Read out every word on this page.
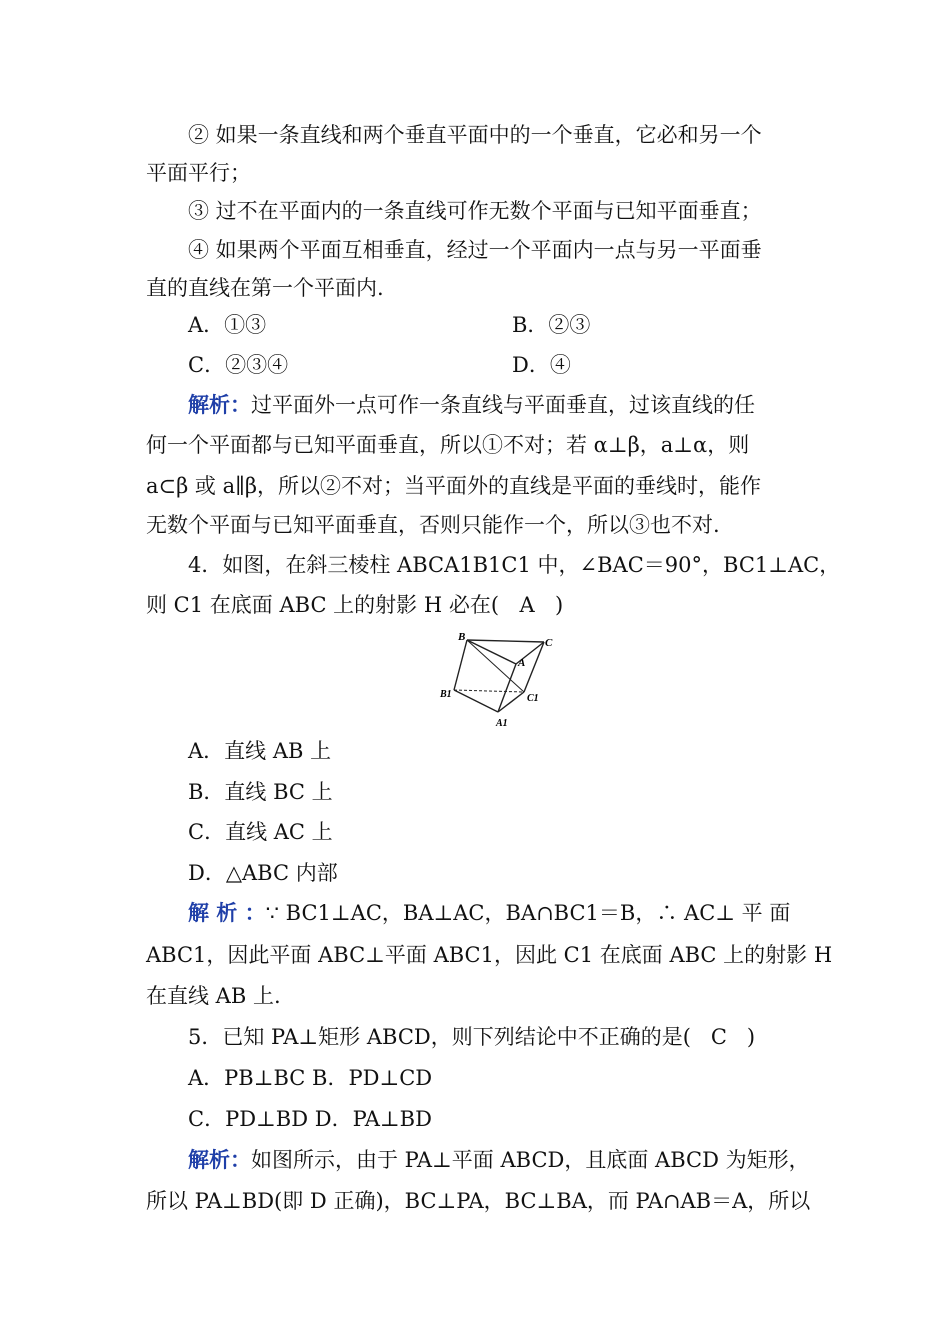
② 如果一条直线和两个垂直平面中的一个垂直，它必和另一个
平面平行；
③ 过不在平面内的一条直线可作无数个平面与已知平面垂直；
④ 如果两个平面互相垂直，经过一个平面内一点与另一平面垂
直的直线在第一个平面内.
A．①③	B．②③
C．②③④	D．④
解析：过平面外一点可作一条直线与平面垂直，过该直线的任
何一个平面都与已知平面垂直，所以①不对；若 α⊥β，a⊥α，则
a⊂β 或 a∥β，所以②不对；当平面外的直线是平面的垂线时，能作
无数个平面与已知平面垂直，否则只能作一个，所以③也不对.
4．如图，在斜三棱柱 ABCA1B1C1 中，∠BAC＝90°，BC1⊥AC，
则 C1 在底面 ABC 上的射影 H 必在( A )
B	C
A
B1	C1
A1
A．直线 AB 上
B．直线 BC 上
C．直线 AC 上
D．△ABC 内部
解 析 ：∵ BC1⊥AC，BA⊥AC，BA∩BC1＝B，∴ AC⊥ 平 面
ABC1，因此平面 ABC⊥平面 ABC1，因此 C1 在底面 ABC 上的射影 H
在直线 AB 上.
5．已知 PA⊥矩形 ABCD，则下列结论中不正确的是( C )
A．PB⊥BC B．PD⊥CD
C．PD⊥BD D．PA⊥BD
解析：如图所示，由于 PA⊥平面 ABCD，且底面 ABCD 为矩形，
所以 PA⊥BD(即 D 正确)，BC⊥PA，BC⊥BA，而 PA∩AB＝A，所以
